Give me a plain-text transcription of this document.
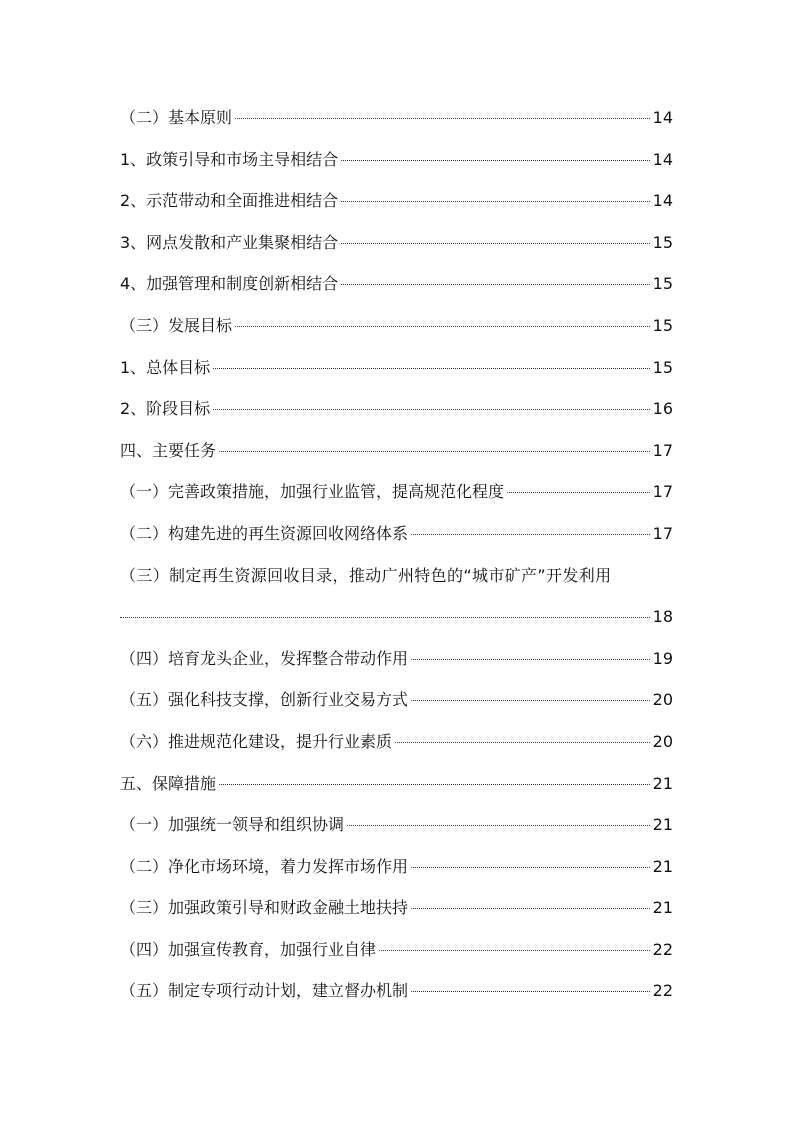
（二）基本原则	14
1、政策引导和市场主导相结合	14
2、示范带动和全面推进相结合	14
3、网点发散和产业集聚相结合	15
4、加强管理和制度创新相结合	15
（三）发展目标	15
1、总体目标	15
2、阶段目标	16
四、主要任务	17
（一）完善政策措施，加强行业监管，提高规范化程度	17
（二）构建先进的再生资源回收网络体系	17
（三）制定再生资源回收目录，推动广州特色的“城市矿产”开发利用
18
（四）培育龙头企业，发挥整合带动作用	19
（五）强化科技支撑，创新行业交易方式	20
（六）推进规范化建设，提升行业素质	20
五、保障措施	21
（一）加强统一领导和组织协调	21
（二）净化市场环境，着力发挥市场作用	21
（三）加强政策引导和财政金融土地扶持	21
（四）加强宣传教育，加强行业自律	22
（五）制定专项行动计划，建立督办机制	22
